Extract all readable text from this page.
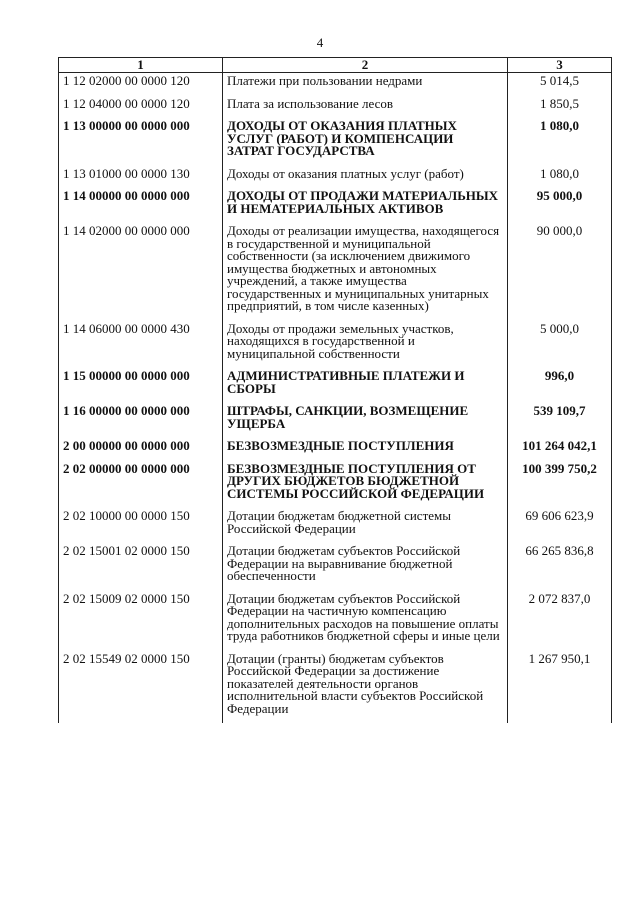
4
1	2	3
1 12 02000 00 0000 120	Платежи при пользовании недрами	5 014,5
1 12 04000 00 0000 120	Плата за использование лесов	1 850,5
1 13 00000 00 0000 000	ДОХОДЫ ОТ ОКАЗАНИЯ ПЛАТНЫХ УСЛУГ (РАБОТ) И КОМПЕНСАЦИИ ЗАТРАТ ГОСУДАРСТВА	1 080,0
1 13 01000 00 0000 130	Доходы от оказания платных услуг (работ)	1 080,0
1 14 00000 00 0000 000	ДОХОДЫ ОТ ПРОДАЖИ МАТЕРИАЛЬНЫХ И НЕМАТЕРИАЛЬНЫХ АКТИВОВ	95 000,0
1 14 02000 00 0000 000	Доходы от реализации имущества, находящегося в государственной и муниципальной собственности (за исключением движимого имущества бюджетных и автономных учреждений, а также имущества государственных и муниципальных унитарных предприятий, в том числе казенных)	90 000,0
1 14 06000 00 0000 430	Доходы от продажи земельных участков, находящихся в государственной и муниципальной собственности	5 000,0
1 15 00000 00 0000 000	АДМИНИСТРАТИВНЫЕ ПЛАТЕЖИ И СБОРЫ	996,0
1 16 00000 00 0000 000	ШТРАФЫ, САНКЦИИ, ВОЗМЕЩЕНИЕ УЩЕРБА	539 109,7
2 00 00000 00 0000 000	БЕЗВОЗМЕЗДНЫЕ ПОСТУПЛЕНИЯ	101 264 042,1
2 02 00000 00 0000 000	БЕЗВОЗМЕЗДНЫЕ ПОСТУПЛЕНИЯ ОТ ДРУГИХ БЮДЖЕТОВ БЮДЖЕТНОЙ СИСТЕМЫ РОССИЙСКОЙ ФЕДЕРАЦИИ	100 399 750,2
2 02 10000 00 0000 150	Дотации бюджетам бюджетной системы Российской Федерации	69 606 623,9
2 02 15001 02 0000 150	Дотации бюджетам субъектов Российской Федерации на выравнивание бюджетной обеспеченности	66 265 836,8
2 02 15009 02 0000 150	Дотации бюджетам субъектов Российской Федерации на частичную компенсацию дополнительных расходов на повышение оплаты труда работников бюджетной сферы и иные цели	2 072 837,0
2 02 15549 02 0000 150	Дотации (гранты) бюджетам субъектов Российской Федерации за достижение показателей деятельности органов исполнительной власти субъектов Российской Федерации	1 267 950,1
